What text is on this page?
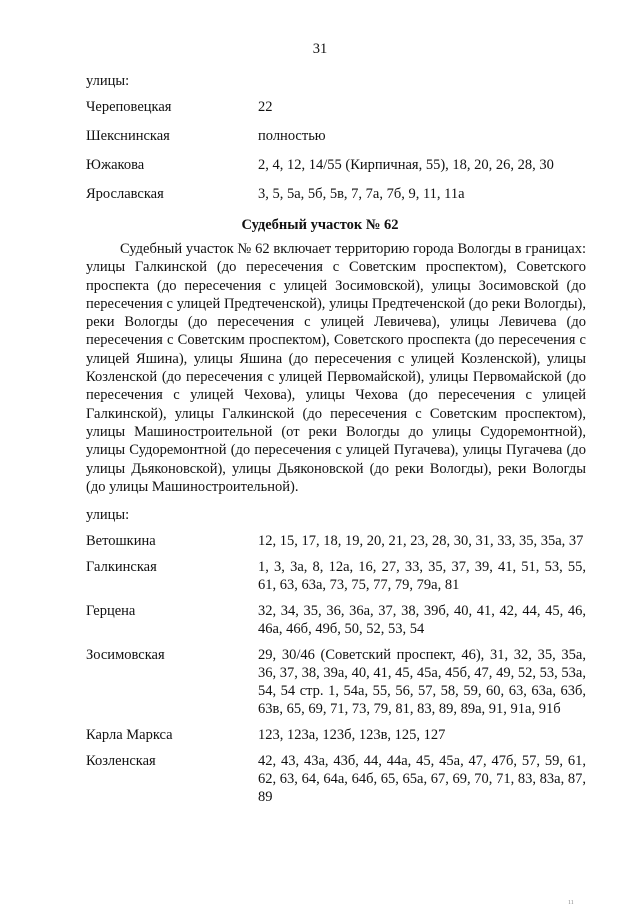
31
улицы:
Череповецкая	22
Шекснинская	полностью
Южакова	2, 4, 12, 14/55 (Кирпичная, 55), 18, 20, 26, 28, 30
Ярославская	3, 5, 5а, 5б, 5в, 7, 7а, 7б, 9, 11, 11а
Судебный участок № 62
Судебный участок № 62 включает территорию города Вологды в границах: улицы Галкинской (до пересечения с Советским проспектом), Советского проспекта (до пересечения с улицей Зосимовской), улицы Зосимовской (до пересечения с улицей Предтеченской), улицы Предтеченской (до реки Вологды), реки Вологды (до пересечения с улицей Левичева), улицы Левичева (до пересечения с Советским проспектом), Советского проспекта (до пересечения с улицей Яшина), улицы Яшина (до пересечения с улицей Козленской), улицы Козленской (до пересечения с улицей Первомайской), улицы Первомайской (до пересечения с улицей Чехова), улицы Чехова (до пересечения с улицей Галкинской), улицы Галкинской (до пересечения с Советским проспектом), улицы Машиностроительной (от реки Вологды до улицы Судоремонтной), улицы Судоремонтной (до пересечения с улицей Пугачева), улицы Пугачева (до улицы Дьяконовской), улицы Дьяконовской (до реки Вологды), реки Вологды (до улицы Машиностроительной).
улицы:
Ветошкина	12, 15, 17, 18, 19, 20, 21, 23, 28, 30, 31, 33, 35, 35а, 37
Галкинская	1, 3, 3а, 8, 12а, 16, 27, 33, 35, 37, 39, 41, 51, 53, 55, 61, 63, 63а, 73, 75, 77, 79, 79а, 81
Герцена	32, 34, 35, 36, 36а, 37, 38, 39б, 40, 41, 42, 44, 45, 46, 46а, 46б, 49б, 50, 52, 53, 54
Зосимовская	29, 30/46 (Советский проспект, 46), 31, 32, 35, 35а, 36, 37, 38, 39а, 40, 41, 45, 45а, 45б, 47, 49, 52, 53, 53а, 54, 54 стр. 1, 54а, 55, 56, 57, 58, 59, 60, 63, 63а, 63б, 63в, 65, 69, 71, 73, 79, 81, 83, 89, 89а, 91, 91а, 91б
Карла Маркса	123, 123а, 123б, 123в, 125, 127
Козленская	42, 43, 43а, 43б, 44, 44а, 45, 45а, 47, 47б, 57, 59, 61, 62, 63, 64, 64а, 64б, 65, 65а, 67, 69, 70, 71, 83, 83а, 87, 89
11
